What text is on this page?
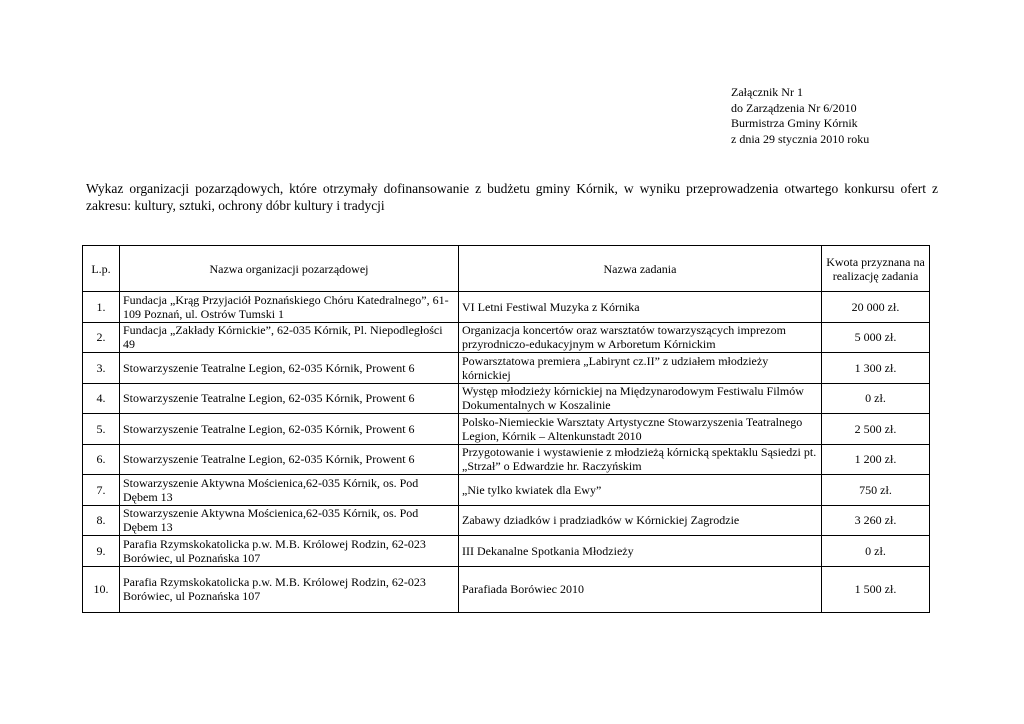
Załącznik Nr 1
do Zarządzenia Nr 6/2010
Burmistrza Gminy Kórnik
z dnia 29 stycznia 2010 roku
Wykaz organizacji pozarządowych, które otrzymały dofinansowanie z budżetu gminy Kórnik, w wyniku przeprowadzenia otwartego konkursu ofert z zakresu: kultury, sztuki, ochrony dóbr kultury i tradycji
L.p.	Nazwa organizacji pozarządowej	Nazwa zadania	Kwota przyznana na realizację zadania
1.	Fundacja „Krąg Przyjaciół Poznańskiego Chóru Katedralnego”, 61-109 Poznań, ul. Ostrów Tumski 1	VI Letni Festiwal Muzyka z Kórnika	20 000 zł.
2.	Fundacja „Zakłady Kórnickie”, 62-035 Kórnik, Pl. Niepodległości 49	Organizacja koncertów oraz warsztatów towarzyszących imprezom przyrodniczo-edukacyjnym w Arboretum Kórnickim	5 000 zł.
3.	Stowarzyszenie Teatralne Legion, 62-035 Kórnik, Prowent 6	Powarsztatowa premiera „Labirynt cz.II” z udziałem młodzieży kórnickiej	1 300 zł.
4.	Stowarzyszenie Teatralne Legion, 62-035 Kórnik, Prowent 6	Występ młodzieży kórnickiej na Międzynarodowym Festiwalu Filmów Dokumentalnych w Koszalinie	0 zł.
5.	Stowarzyszenie Teatralne Legion, 62-035 Kórnik, Prowent 6	Polsko-Niemieckie Warsztaty Artystyczne Stowarzyszenia Teatralnego Legion, Kórnik – Altenkunstadt 2010	2 500 zł.
6.	Stowarzyszenie Teatralne Legion, 62-035 Kórnik, Prowent 6	Przygotowanie i wystawienie z młodzieżą kórnicką spektaklu Sąsiedzi pt. „Strzał” o Edwardzie hr. Raczyńskim	1 200 zł.
7.	Stowarzyszenie Aktywna Mościenica,62-035 Kórnik, os. Pod Dębem 13	„Nie tylko kwiatek dla Ewy”	750 zł.
8.	Stowarzyszenie Aktywna Mościenica,62-035 Kórnik, os. Pod Dębem 13	Zabawy dziadków i pradziadków w Kórnickiej Zagrodzie	3 260 zł.
9.	Parafia Rzymskokatolicka p.w. M.B. Królowej Rodzin, 62-023 Borówiec, ul Poznańska 107	III Dekanalne Spotkania Młodzieży	0 zł.
10.	Parafia Rzymskokatolicka p.w. M.B. Królowej Rodzin, 62-023 Borówiec, ul Poznańska 107	Parafiada Borówiec 2010	1 500 zł.
